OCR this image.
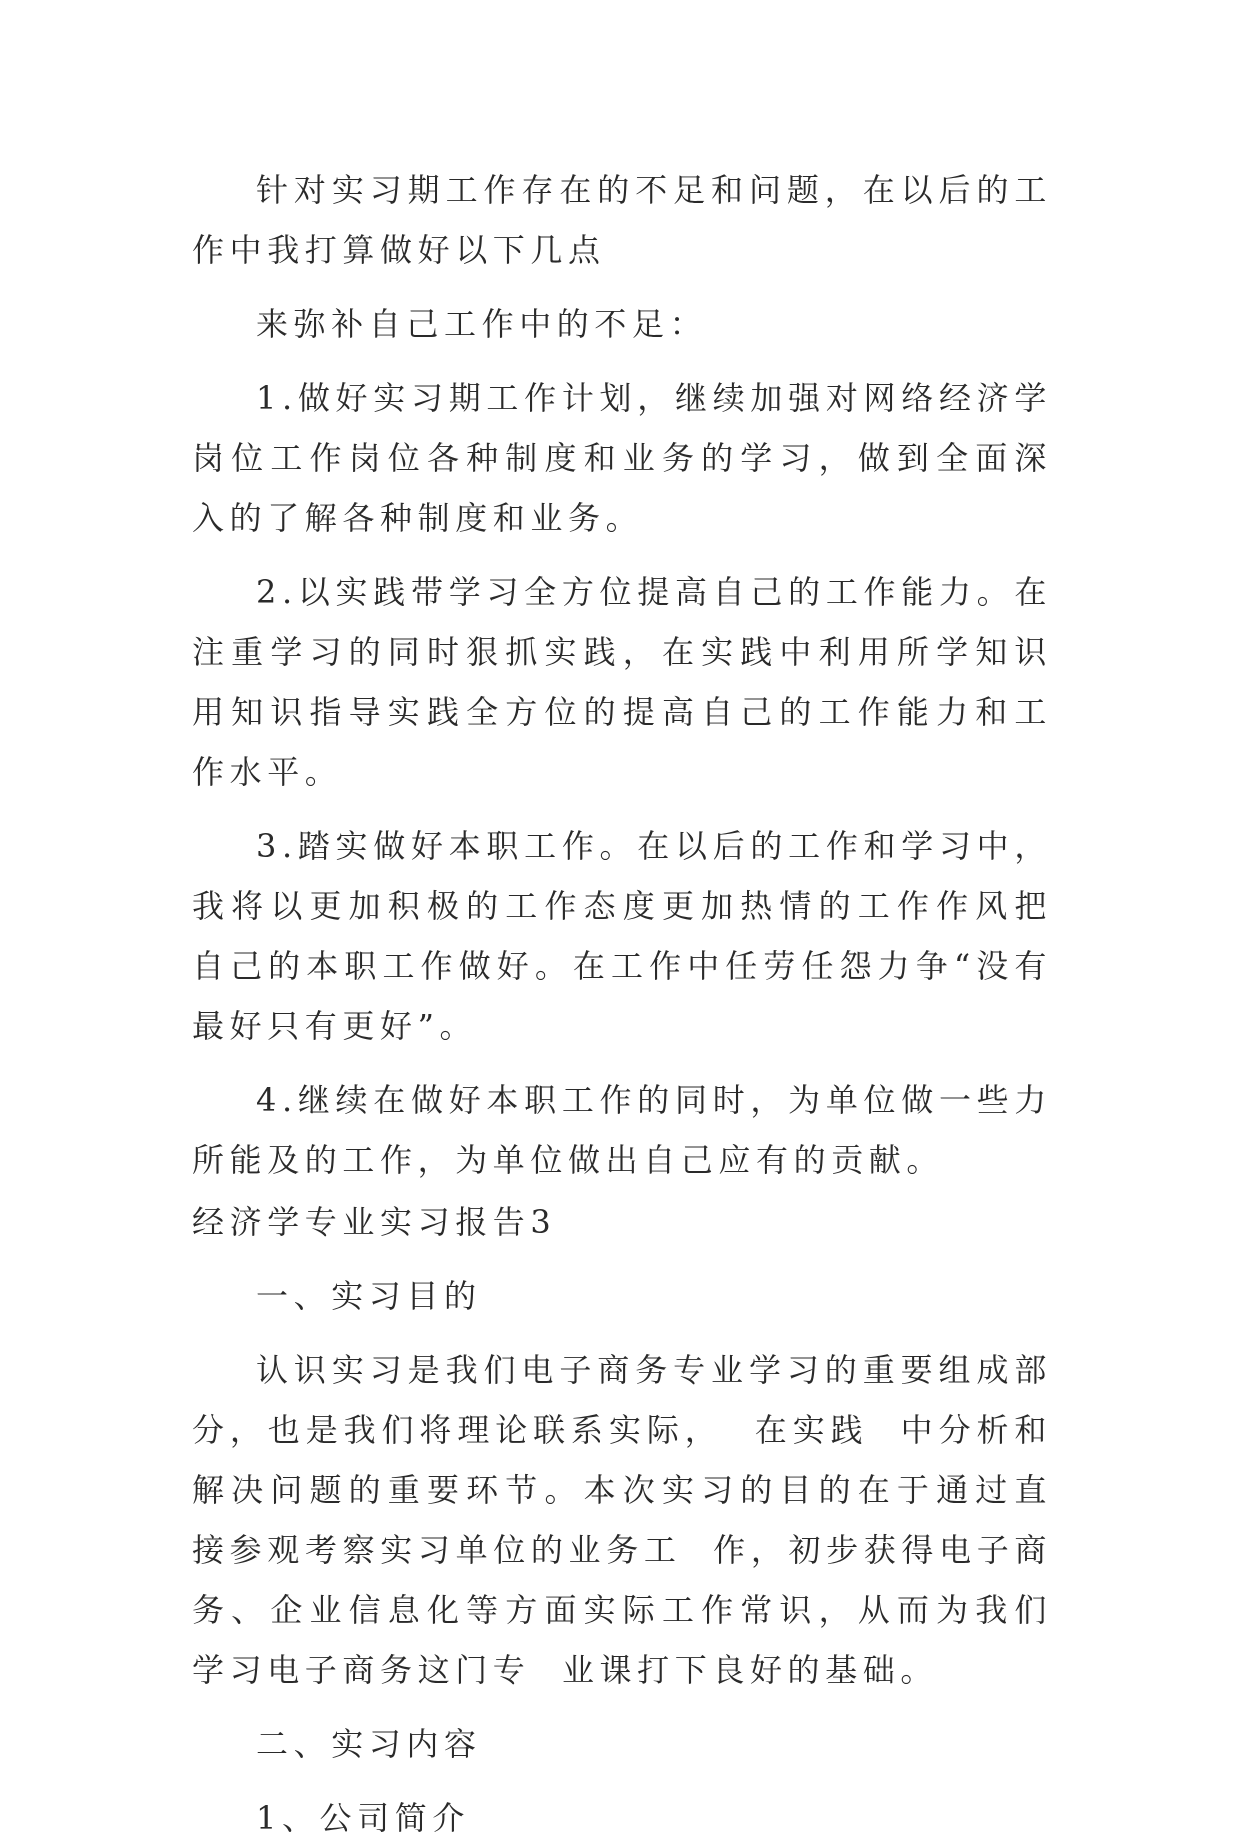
针对实习期工作存在的不足和问题，在以后的工作中我打算做好以下几点

来弥补自己工作中的不足：

1.做好实习期工作计划，继续加强对网络经济学岗位工作岗位各种制度和业务的学习，做到全面深入的了解各种制度和业务。

2.以实践带学习全方位提高自己的工作能力。在注重学习的同时狠抓实践，在实践中利用所学知识用知识指导实践全方位的提高自己的工作能力和工作水平。

3.踏实做好本职工作。在以后的工作和学习中，我将以更加积极的工作态度更加热情的工作作风把自己的本职工作做好。在工作中任劳任怨力争“没有最好只有更好”。

4.继续在做好本职工作的同时，为单位做一些力所能及的工作，为单位做出自己应有的贡献。

经济学专业实习报告3

一、实习目的

认识实习是我们电子商务专业学习的重要组成部分，也是我们将理论联系实际，  在实践  中分析和解决问题的重要环节。本次实习的目的在于通过直接参观考察实习单位的业务工  作，初步获得电子商务、企业信息化等方面实际工作常识，从而为我们学习电子商务这门专  业课打下良好的基础。

二、实习内容

1、公司简介
